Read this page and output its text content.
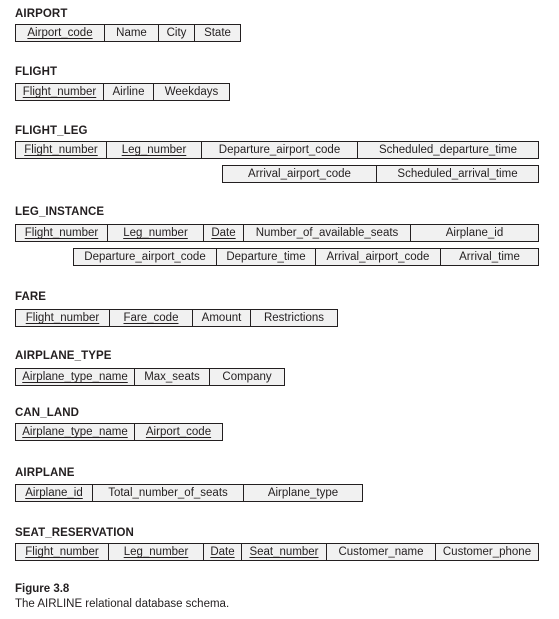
AIRPORT
Airport_code	Name	City	State
FLIGHT
Flight_number	Airline	Weekdays
FLIGHT_LEG
Flight_number	Leg_number	Departure_airport_code	Scheduled_departure_time
Arrival_airport_code	Scheduled_arrival_time
LEG_INSTANCE
Flight_number	Leg_number	Date	Number_of_available_seats	Airplane_id
Departure_airport_code	Departure_time	Arrival_airport_code	Arrival_time
FARE
Flight_number	Fare_code	Amount	Restrictions
AIRPLANE_TYPE
Airplane_type_name	Max_seats	Company
CAN_LAND
Airplane_type_name	Airport_code
AIRPLANE
Airplane_id	Total_number_of_seats	Airplane_type
SEAT_RESERVATION
Flight_number	Leg_number	Date	Seat_number	Customer_name	Customer_phone
Figure 3.8
The AIRLINE relational database schema.
